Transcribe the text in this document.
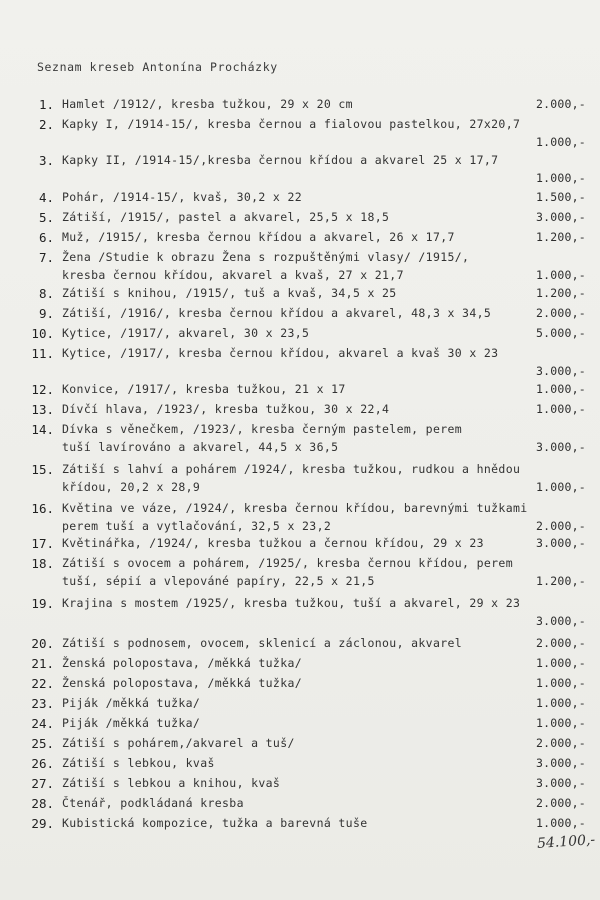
Seznam kreseb Antonína Procházky
1. Hamlet /1912/, kresba tužkou, 29 x 20 cm	2.000,-
2. Kapky I, /1914-15/, kresba černou a fialovou pastelkou, 27x20,7
1.000,-
3. Kapky II, /1914-15/,kresba černou křídou a akvarel 25 x 17,7
1.000,-
4. Pohár, /1914-15/, kvaš, 30,2 x 22	1.500,-
5. Zátiší, /1915/, pastel a akvarel, 25,5 x 18,5	3.000,-
6. Muž, /1915/, kresba černou křídou a akvarel, 26 x 17,7	1.200,-
7. Žena /Studie k obrazu Žena s rozpuštěnými vlasy/ /1915/,
kresba černou křídou, akvarel a kvaš, 27 x 21,7	1.000,-
8. Zátiší s knihou, /1915/, tuš a kvaš, 34,5 x 25	1.200,-
9. Zátiší, /1916/, kresba černou křídou a akvarel, 48,3 x 34,5	2.000,-
10. Kytice, /1917/, akvarel, 30 x 23,5	5.000,-
11. Kytice, /1917/, kresba černou křídou, akvarel a kvaš 30 x 23
3.000,-
12. Konvice, /1917/, kresba tužkou, 21 x 17	1.000,-
13. Dívčí hlava, /1923/, kresba tužkou, 30 x 22,4	1.000,-
14. Dívka s věnečkem, /1923/, kresba černým pastelem, perem
tuší lavírováno a akvarel, 44,5 x 36,5	3.000,-
15. Zátiší s lahví a pohárem /1924/, kresba tužkou, rudkou a hnědou
křídou, 20,2 x 28,9	1.000,-
16. Květina ve váze, /1924/, kresba černou křídou, barevnými tužkami
perem tuší a vytlačování, 32,5 x 23,2	2.000,-
17. Květinářka, /1924/, kresba tužkou a černou křídou, 29 x 23	3.000,-
18. Zátiší s ovocem a pohárem, /1925/, kresba černou křídou, perem
tuší, sépií a vlepováné papíry, 22,5 x 21,5	1.200,-
19. Krajina s mostem /1925/, kresba tužkou, tuší a akvarel, 29 x 23
3.000,-
20. Zátiší s podnosem, ovocem, sklenicí a záclonou, akvarel	2.000,-
21. Ženská polopostava, /měkká tužka/	1.000,-
22. Ženská polopostava, /měkká tužka/	1.000,-
23. Piják /měkká tužka/	1.000,-
24. Piják /měkká tužka/	1.000,-
25. Zátiší s pohárem,/akvarel a tuš/	2.000,-
26. Zátiší s lebkou, kvaš	3.000,-
27. Zátiší s lebkou a knihou, kvaš	3.000,-
28. Čtenář, podkládaná kresba	2.000,-
29. Kubistická kompozice, tužka a barevná tuše	1.000,-
54.100,-
